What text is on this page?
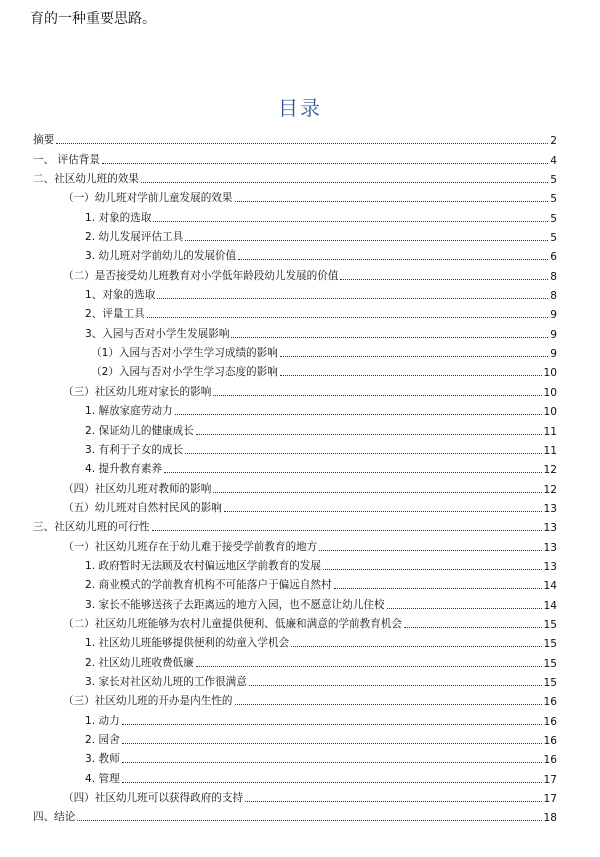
育的一种重要思路。
目录
摘要	2
一、 评估背景	4
二、社区幼儿班的效果	5
（一）幼儿班对学前儿童发展的效果	5
1. 对象的选取	5
2. 幼儿发展评估工具	5
3. 幼儿班对学前幼儿的发展价值	6
（二）是否接受幼儿班教育对小学低年龄段幼儿发展的价值	8
1、对象的选取	8
2、评量工具	9
3、入园与否对小学生发展影响	9
（1）入园与否对小学生学习成绩的影响	9
（2）入园与否对小学生学习态度的影响	10
（三）社区幼儿班对家长的影响	10
1. 解放家庭劳动力	10
2. 保证幼儿的健康成长	11
3. 有利于子女的成长	11
4. 提升教育素养	12
（四）社区幼儿班对教师的影响	12
（五）幼儿班对自然村民风的影响	13
三、社区幼儿班的可行性	13
（一）社区幼儿班存在于幼儿难于接受学前教育的地方	13
1. 政府暂时无法顾及农村偏远地区学前教育的发展	13
2. 商业模式的学前教育机构不可能落户于偏远自然村	14
3. 家长不能够送孩子去距离远的地方入园，也不愿意让幼儿住校	14
（二）社区幼儿班能够为农村儿童提供便利、低廉和满意的学前教育机会	15
1. 社区幼儿班能够提供便利的幼童入学机会	15
2. 社区幼儿班收费低廉	15
3. 家长对社区幼儿班的工作很满意	15
（三）社区幼儿班的开办是内生性的	16
1. 动力	16
2. 园舍	16
3. 教师	16
4. 管理	17
（四）社区幼儿班可以获得政府的支持	17
四、结论	18
